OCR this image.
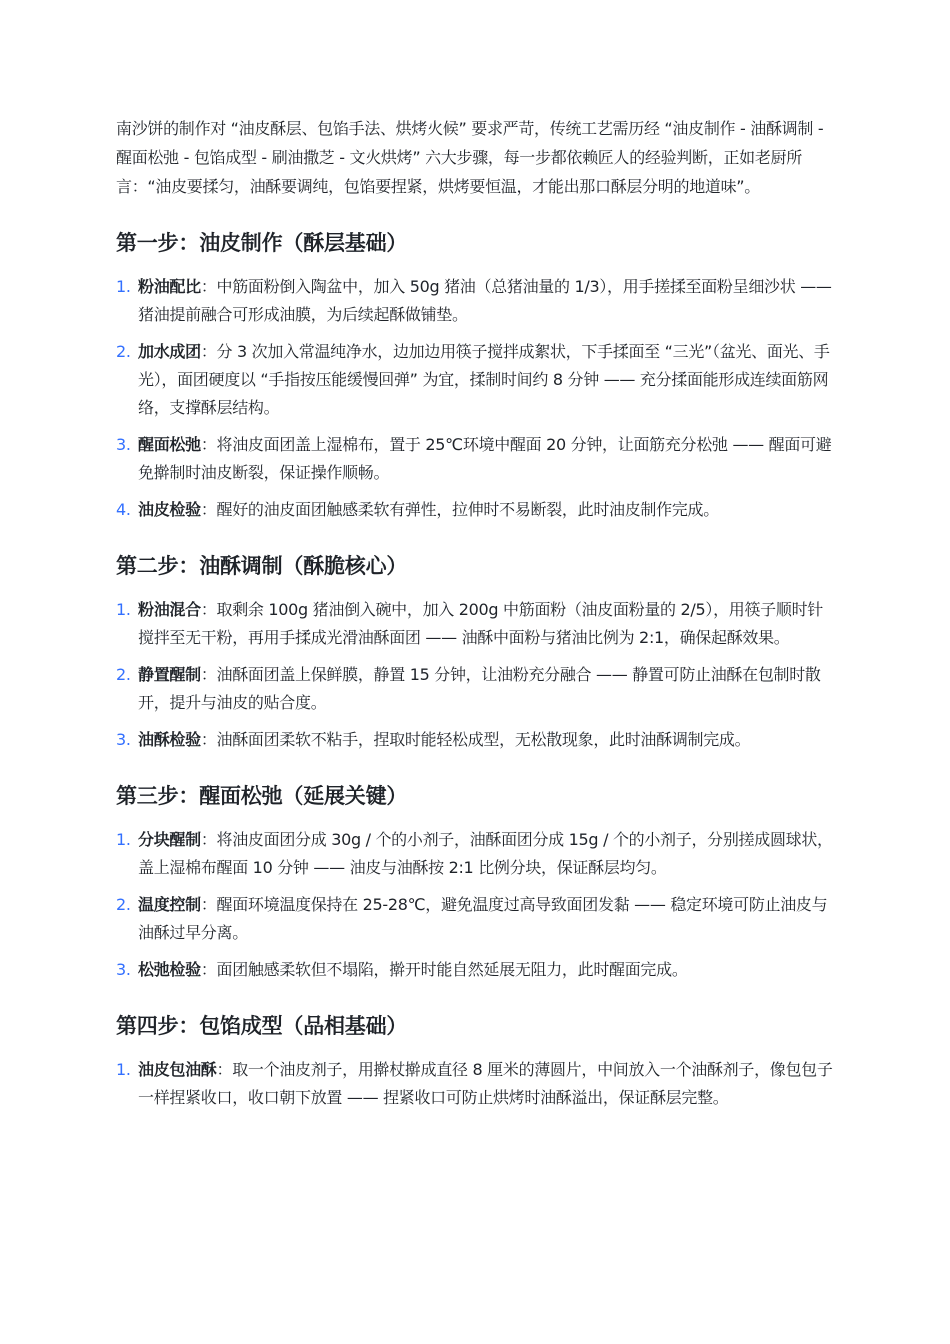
南沙饼的制作对 “油皮酥层、包馅手法、烘烤火候” 要求严苛，传统工艺需历经 “油皮制作 - 油酥调制 - 醒面松弛 - 包馅成型 - 刷油撒芝 - 文火烘烤” 六大步骤，每一步都依赖匠人的经验判断，正如老厨所言：“油皮要揉匀，油酥要调纯，包馅要捏紧，烘烤要恒温，才能出那口酥层分明的地道味”。

第一步：油皮制作（酥层基础）
1. 粉油配比：中筋面粉倒入陶盆中，加入 50g 猪油（总猪油量的 1/3），用手搓揉至面粉呈细沙状 —— 猪油提前融合可形成油膜，为后续起酥做铺垫。
2. 加水成团：分 3 次加入常温纯净水，边加边用筷子搅拌成絮状，下手揉面至 “三光”（盆光、面光、手光），面团硬度以 “手指按压能缓慢回弹” 为宜，揉制时间约 8 分钟 —— 充分揉面能形成连续面筋网络，支撑酥层结构。
3. 醒面松弛：将油皮面团盖上湿棉布，置于 25℃环境中醒面 20 分钟，让面筋充分松弛 —— 醒面可避免擀制时油皮断裂，保证操作顺畅。
4. 油皮检验：醒好的油皮面团触感柔软有弹性，拉伸时不易断裂，此时油皮制作完成。
第二步：油酥调制（酥脆核心）
1. 粉油混合：取剩余 100g 猪油倒入碗中，加入 200g 中筋面粉（油皮面粉量的 2/5），用筷子顺时针搅拌至无干粉，再用手揉成光滑油酥面团 —— 油酥中面粉与猪油比例为 2:1，确保起酥效果。
2. 静置醒制：油酥面团盖上保鲜膜，静置 15 分钟，让油粉充分融合 —— 静置可防止油酥在包制时散开，提升与油皮的贴合度。
3. 油酥检验：油酥面团柔软不粘手，捏取时能轻松成型，无松散现象，此时油酥调制完成。
第三步：醒面松弛（延展关键）
1. 分块醒制：将油皮面团分成 30g / 个的小剂子，油酥面团分成 15g / 个的小剂子，分别搓成圆球状，盖上湿棉布醒面 10 分钟 —— 油皮与油酥按 2:1 比例分块，保证酥层均匀。
2. 温度控制：醒面环境温度保持在 25-28℃，避免温度过高导致面团发黏 —— 稳定环境可防止油皮与油酥过早分离。
3. 松弛检验：面团触感柔软但不塌陷，擀开时能自然延展无阻力，此时醒面完成。
第四步：包馅成型（品相基础）
1. 油皮包油酥：取一个油皮剂子，用擀杖擀成直径 8 厘米的薄圆片，中间放入一个油酥剂子，像包包子一样捏紧收口，收口朝下放置 —— 捏紧收口可防止烘烤时油酥溢出，保证酥层完整。
